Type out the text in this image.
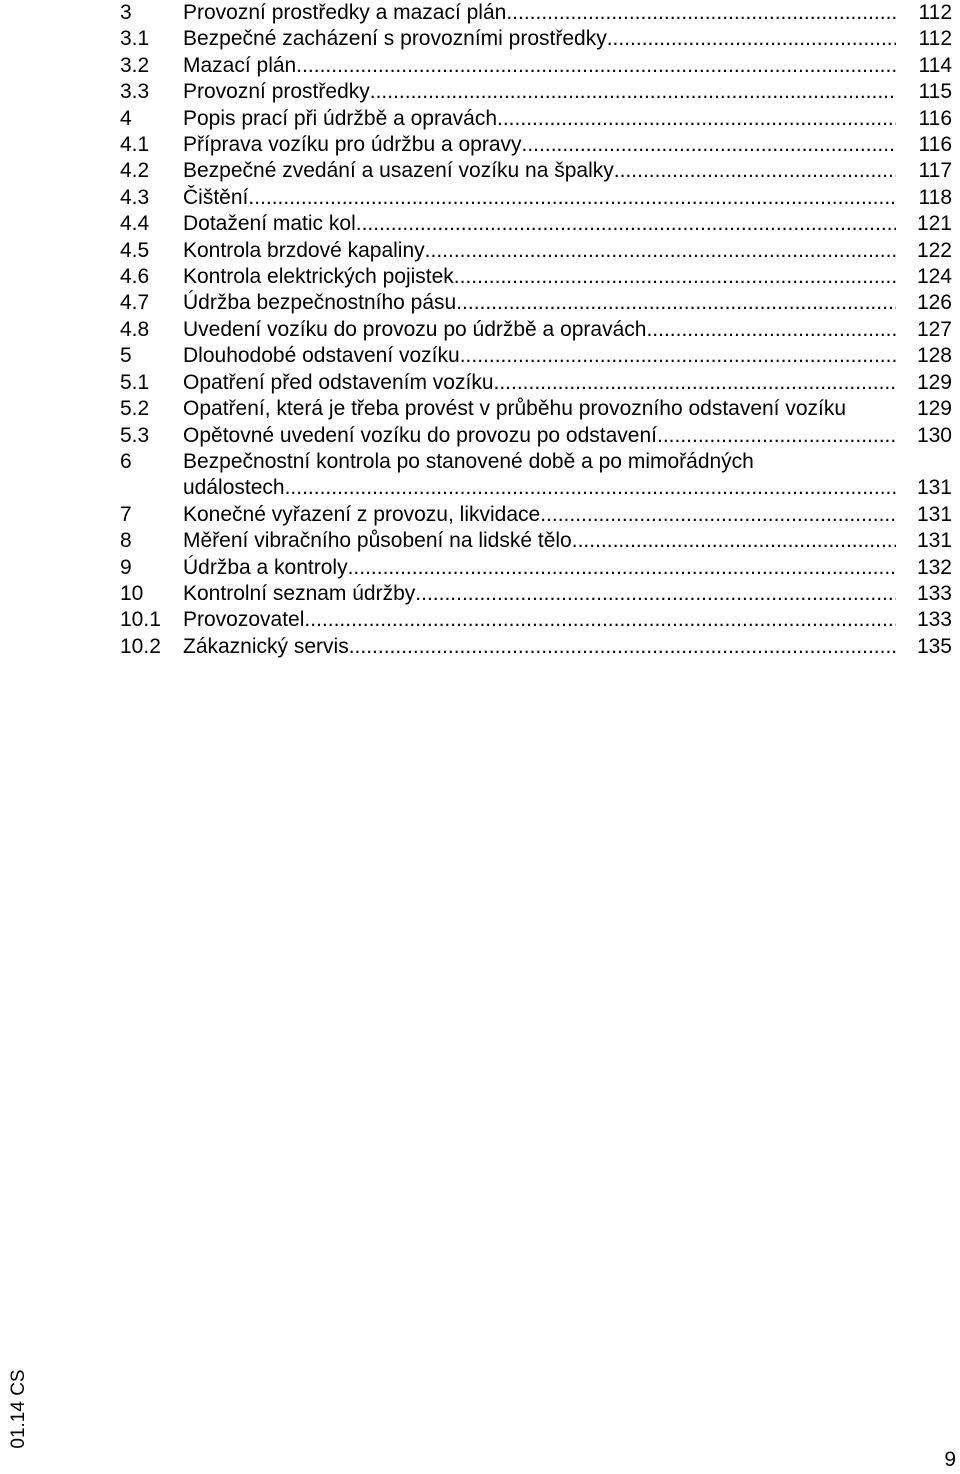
3 Provozní prostředky a mazací plán .....	112
3.1 Bezpečné zacházení s provozními prostředky .....	112
3.2 Mazací plán .....	114
3.3 Provozní prostředky .....	115
4 Popis prací při údržbě a opravách .....	116
4.1 Příprava vozíku pro údržbu a opravy .....	116
4.2 Bezpečné zvedání a usazení vozíku na špalky .....	117
4.3 Čištění .....	118
4.4 Dotažení matic kol .....	121
4.5 Kontrola brzdové kapaliny .....	122
4.6 Kontrola elektrických pojistek .....	124
4.7 Údržba bezpečnostního pásu .....	126
4.8 Uvedení vozíku do provozu po údržbě a opravách .....	127
5 Dlouhodobé odstavení vozíku .....	128
5.1 Opatření před odstavením vozíku .....	129
5.2 Opatření, která je třeba provést v průběhu provozního odstavení vozíku	129
5.3 Opětovné uvedení vozíku do provozu po odstavení .....	130
6 Bezpečnostní kontrola po stanovené době a po mimořádných
událostech .....	131
7 Konečné vyřazení z provozu, likvidace .....	131
8 Měření vibračního působení na lidské tělo .....	131
9 Údržba a kontroly .....	132
10 Kontrolní seznam údržby .....	133
10.1 Provozovatel .....	133
10.2 Zákaznický servis .....	135
01.14 CS
9
